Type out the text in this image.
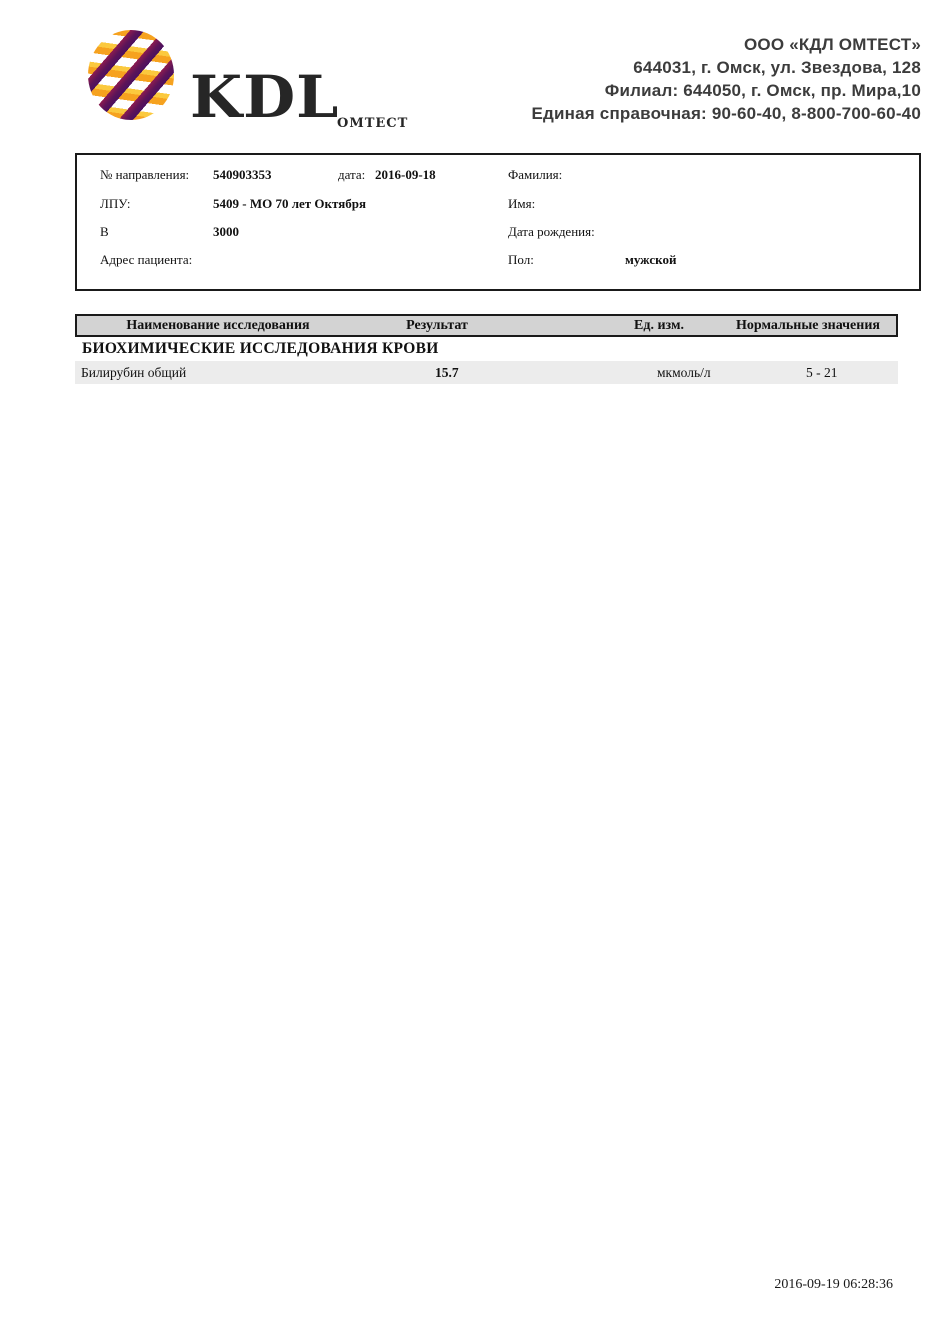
KDL
ОМТЕСТ
ООО «КДЛ ОМТЕСТ»
644031, г. Омск, ул. Звездова, 128
Филиал: 644050, г. Омск, пр. Мира,10
Единая справочная: 90-60-40, 8-800-700-60-40
№ направления: 540903353	дата: 2016-09-18
ЛПУ:	5409 - МО 70 лет Октября
В	3000
Адрес пациента:
Фамилия:
Имя:
Дата рождения:
Пол:	мужской
Наименование исследования	Результат	Ед. изм.	Нормальные значения
БИОХИМИЧЕСКИЕ ИССЛЕДОВАНИЯ КРОВИ
Билирубин общий	15.7	мкмоль/л	5 - 21
2016-09-19 06:28:36
